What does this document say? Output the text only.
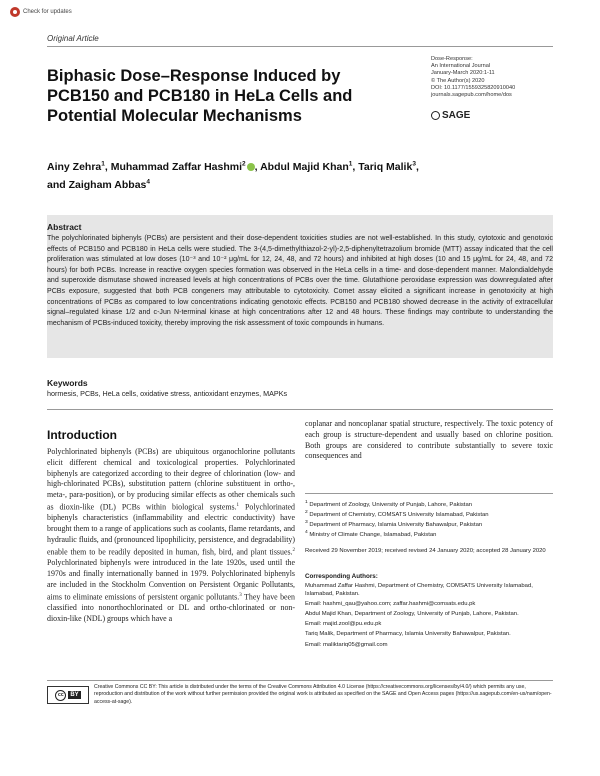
Check for updates
Original Article
Biphasic Dose–Response Induced by PCB150 and PCB180 in HeLa Cells and Potential Molecular Mechanisms
Dose-Response:
An International Journal
January-March 2020:1-11
© The Author(s) 2020
DOI: 10.1177/1559325820910040
journals.sagepub.com/home/dos
SAGE
Ainy Zehra$^1$, Muhammad Zaffar Hashmi$^2$ , Abdul Majid Khan$^1$, Tariq Malik$^3$,
and Zaigham Abbas$^4$
Abstract
The polychlorinated biphenyls (PCBs) are persistent and their dose-dependent toxicities studies are not well-established. In this study, cytotoxic and genotoxic effects of PCB150 and PCB180 in HeLa cells were studied. The 3-(4,5-dimethylthiazol-2-yl)-2,5-diphenyltetrazolium bromide (MTT) assay indicated that the cell proliferation was stimulated at low doses (10⁻³ and 10⁻² μg/mL for 12, 24, 48, and 72 hours) and inhibited at high doses (10 and 15 μg/mL for 24, 48, and 72 hours) for both PCBs. Increase in reactive oxygen species formation was observed in the HeLa cells in a time- and dose-dependent manner. Malondialdehyde and superoxide dismutase showed increased levels at high concentrations of PCBs over the time. Glutathione peroxidase expression was downregulated after PCBs exposure, suggested that both PCB congeners may attributable to cytotoxicity. Comet assay elicited a significant increase in genotoxicity at high concentrations of PCBs as compared to low concentrations indicating genotoxic effects. PCB150 and PCB180 showed decrease in the activity of extracellular signal–regulated kinase 1/2 and c-Jun N-terminal kinase at high concentrations after 12 and 48 hours. These findings may contribute to understanding the mechanism of PCBs-induced toxicity, thereby improving the risk assessment of toxic compounds in humans.
Keywords
hormesis, PCBs, HeLa cells, oxidative stress, antioxidant enzymes, MAPKs
Introduction
Polychlorinated biphenyls (PCBs) are ubiquitous organochlorine pollutants elicit different chemical and toxicological properties. Polychlorinated biphenyls are categorized according to their degree of chlorination (low- and high-chlorinated PCBs), substitution pattern (chlorine substituent in ortho-, meta-, para-position), or by producing similar effects as other chemicals such as dioxin-like (DL) PCBs within biological systems.$^1$ Polychlorinated biphenyls characteristics (inflammability and electric conductivity) have brought them to a range of applications such as coolants, flame retardants, and hydraulic fluids, and (pronounced lipophilicity, persistence, and degradability) enable them to be readily deposited in human, fish, bird, and plant tissues.$^2$ Polychlorinated biphenyls were introduced in the late 1920s, used until the 1970s and finally internationally banned in 1979. Polychlorinated biphenyls are included in the Stockholm Convention on Persistent Organic Pollutants, aims to eliminate emissions of persistent organic pollutants.$^3$ They have been classified into nonorthochlorinated or DL and ortho-chlorinated or non-dioxin-like (NDL) groups which have a
coplanar and noncoplanar spatial structure, respectively. The toxic potency of each group is structure-dependent and usually based on chlorine position. Both groups are considered to contribute substantially to severe toxic consequences and
$^1$ Department of Zoology, University of Punjab, Lahore, Pakistan
$^2$ Department of Chemistry, COMSATS University Islamabad, Pakistan
$^3$ Department of Pharmacy, Islamia University Bahawalpur, Pakistan
$^4$ Ministry of Climate Change, Islamabad, Pakistan
Received 29 November 2019; received revised 24 January 2020; accepted 28 January 2020
Corresponding Authors:

Muhammad Zaffar Hashmi, Department of Chemistry, COMSATS University Islamabad, Islamabad, Pakistan.

Email: hashmi_qau@yahoo.com; zaffar.hashmi@comsats.edu.pk

Abdul Majid Khan, Department of Zoology, University of Punjab, Lahore, Pakistan.

Email: majid.zool@pu.edu.pk

Tariq Malik, Department of Pharmacy, Islamia University Bahawalpur, Pakistan.

Email: maliktariq05@gmail.com

cc	BY
Creative Commons CC BY: This article is distributed under the terms of the Creative Commons Attribution 4.0 License (https://creativecommons.org/licenses/by/4.0/) which permits any use, reproduction and distribution of the work without further permission provided the original work is attributed as specified on the SAGE and Open Access pages (https://us.sagepub.com/en-us/nam/open-access-at-sage).
